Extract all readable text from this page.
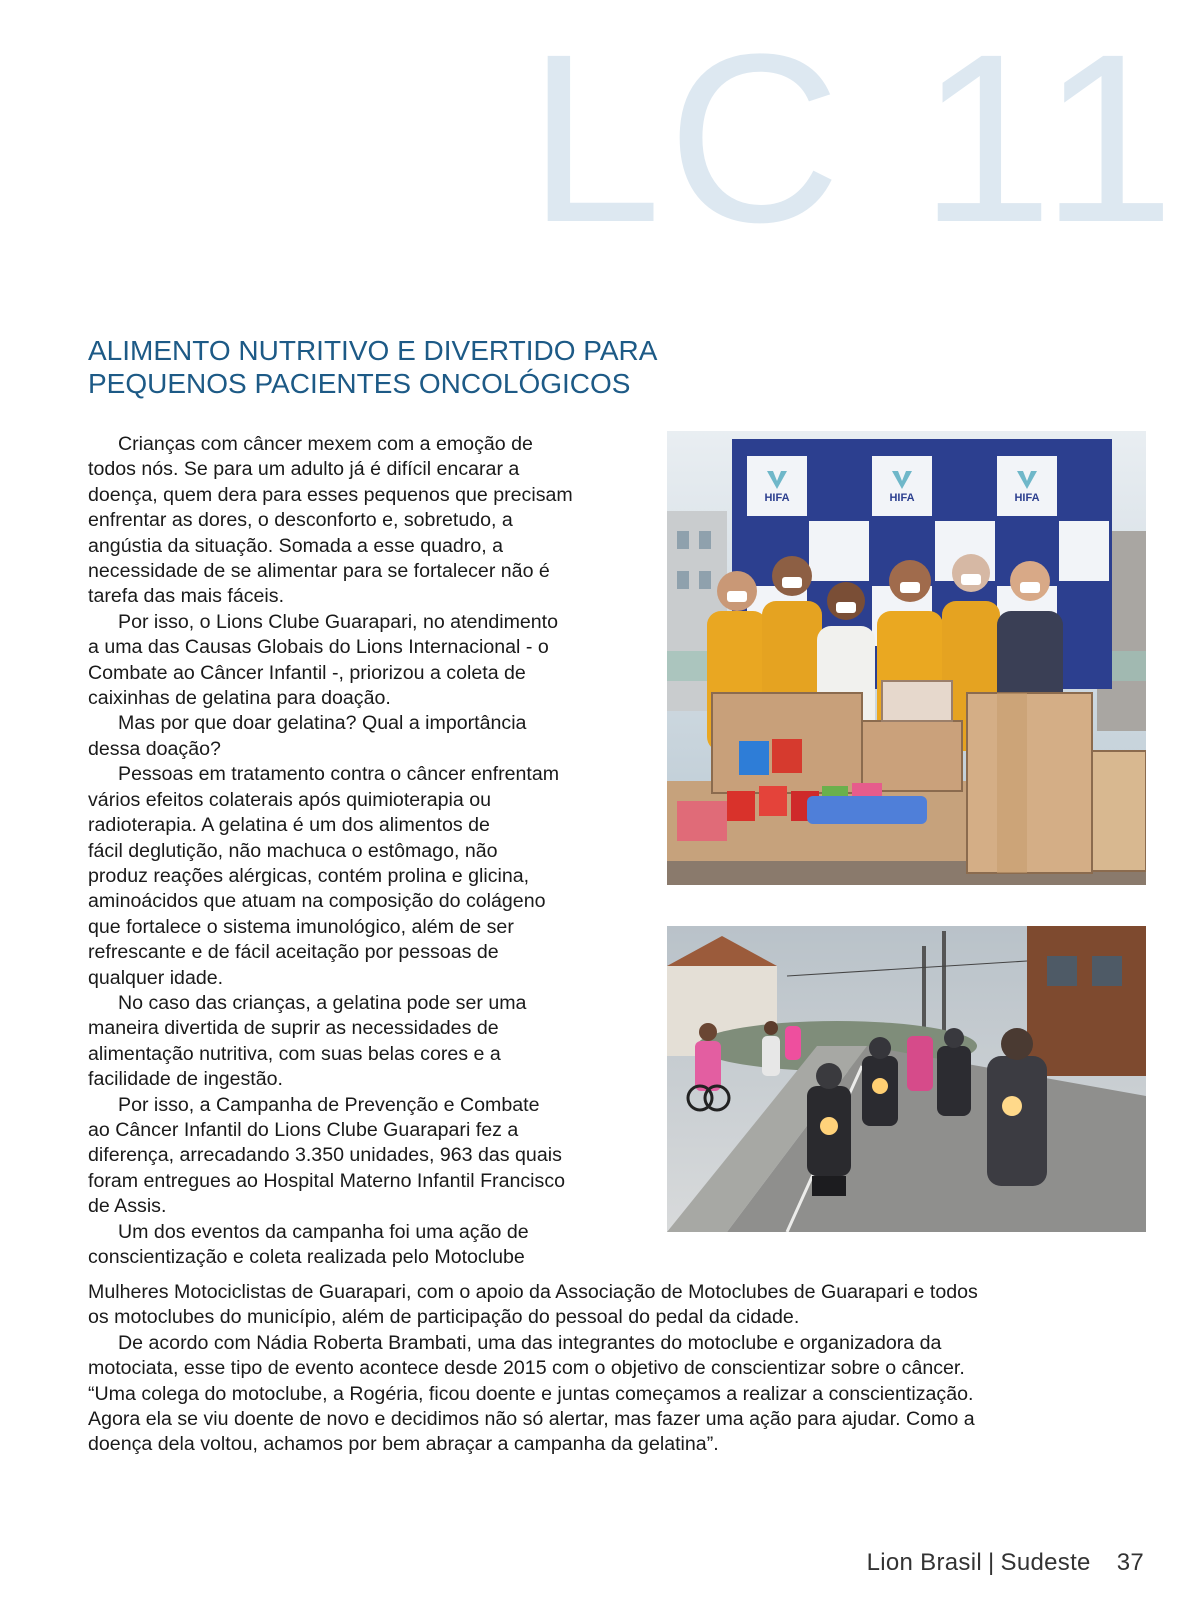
LC 11
ALIMENTO NUTRITIVO E DIVERTIDO PARA
PEQUENOS PACIENTES ONCOLÓGICOS

Crianças com câncer mexem com a emoção de
todos nós. Se para um adulto já é difícil encarar a
doença, quem dera para esses pequenos que precisam
enfrentar as dores, o desconforto e, sobretudo, a
angústia da situação. Somada a esse quadro, a
necessidade de se alimentar para se fortalecer não é
tarefa das mais fáceis.
Por isso, o Lions Clube Guarapari, no atendimento
a uma das Causas Globais do Lions Internacional - o
Combate ao Câncer Infantil -, priorizou a coleta de
caixinhas de gelatina para doação.
Mas por que doar gelatina? Qual a importância
dessa doação?
Pessoas em tratamento contra o câncer enfrentam
vários efeitos colaterais após quimioterapia ou
radioterapia. A gelatina é um dos alimentos de
fácil deglutição, não machuca o estômago, não
produz reações alérgicas, contém prolina e glicina,
aminoácidos que atuam na composição do colágeno
que fortalece o sistema imunológico, além de ser
refrescante e de fácil aceitação por pessoas de
qualquer idade.
No caso das crianças, a gelatina pode ser uma
maneira divertida de suprir as necessidades de
alimentação nutritiva, com suas belas cores e a
facilidade de ingestão.
Por isso, a Campanha de Prevenção e Combate
ao Câncer Infantil do Lions Clube Guarapari fez a
diferença, arrecadando 3.350 unidades, 963 das quais
foram entregues ao Hospital Materno Infantil Francisco
de Assis.
Um dos eventos da campanha foi uma ação de
conscientização e coleta realizada pelo Motoclube

Mulheres Motociclistas de Guarapari, com o apoio da Associação de Motoclubes de Guarapari e todos
os motoclubes do município, além de participação do pessoal do pedal da cidade.
De acordo com Nádia Roberta Brambati, uma das integrantes do motoclube e organizadora da
motociata, esse tipo de evento acontece desde 2015 com o objetivo de conscientizar sobre o câncer.
“Uma colega do motoclube, a Rogéria, ficou doente e juntas começamos a realizar a conscientização.
Agora ela se viu doente de novo e decidimos não só alertar, mas fazer uma ação para ajudar. Como a
doença dela voltou, achamos por bem abraçar a campanha da gelatina”.

HIFA	HIFA	HIFA
Lion Brasil | Sudeste 37
